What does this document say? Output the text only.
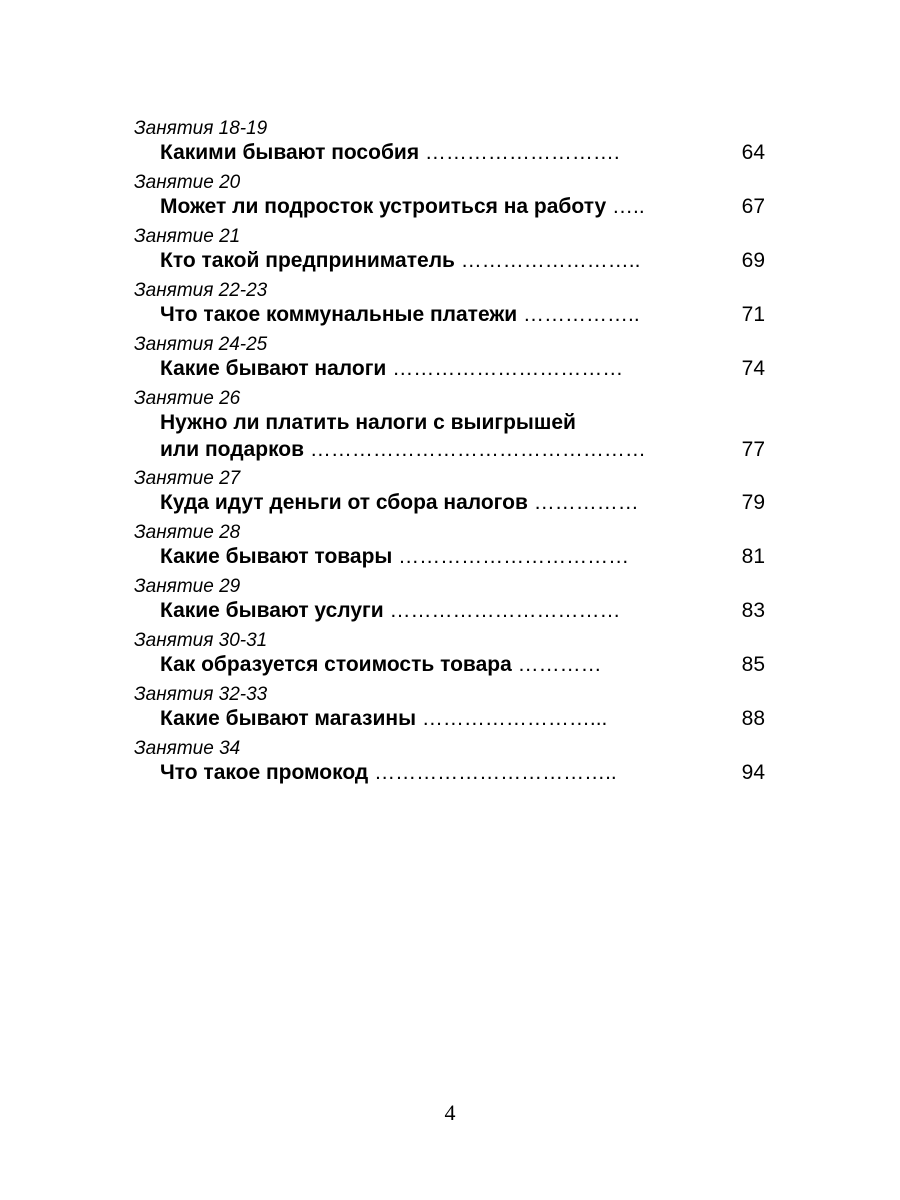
Занятия 18-19
Какими бывают пособия ……………………….	64
Занятие 20
Может ли подросток устроиться на работу …..	67
Занятие 21
Кто такой предприниматель ……………………..	69
Занятия 22-23
Что такое коммунальные платежи ……………..	71
Занятия 24-25
Какие бывают налоги ……………………………	74
Занятие 26
Нужно ли платить налоги с выигрышей
или подарков …………………………………………	77
Занятие 27
Куда идут деньги от сбора налогов ……………	79
Занятие 28
Какие бывают товары ……………………………	81
Занятие 29
Какие бывают услуги ……………………………	83
Занятия 30-31
Как образуется стоимость товара …………	85
Занятия 32-33
Какие бывают магазины ……………………...	88
Занятие 34
Что такое промокод ……………………………..	94
4
